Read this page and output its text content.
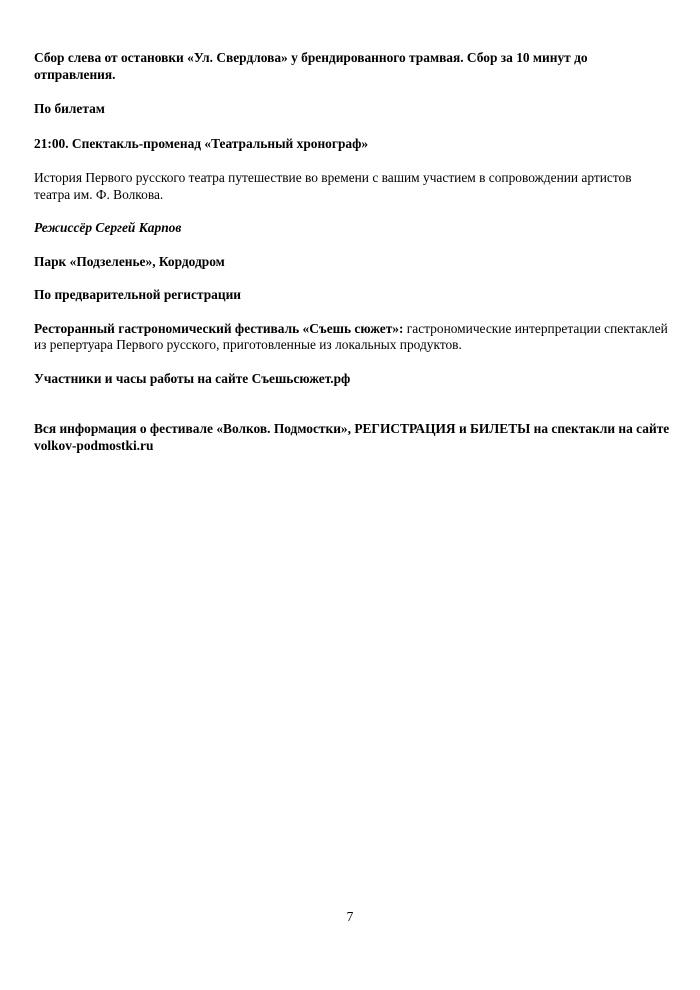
Сбор слева от остановки «Ул. Свердлова» у брендированного трамвая. Сбор за 10 минут до отправления.

По билетам

21:00. Спектакль-променад «Театральный хронограф»

История Первого русского театра путешествие во времени с вашим участием в сопровождении артистов театра им. Ф. Волкова.

Режиссёр Сергей Карпов

Парк «Подзеленье», Кордодром

По предварительной регистрации

Ресторанный гастрономический фестиваль «Съешь сюжет»: гастрономические интерпретации спектаклей из репертуара Первого русского, приготовленные из локальных продуктов.

Участники и часы работы на сайте Съешьсюжет.рф

Вся информация о фестивале «Волков. Подмостки», РЕГИСТРАЦИЯ и БИЛЕТЫ на спектакли на сайте volkov-podmostki.ru

7
